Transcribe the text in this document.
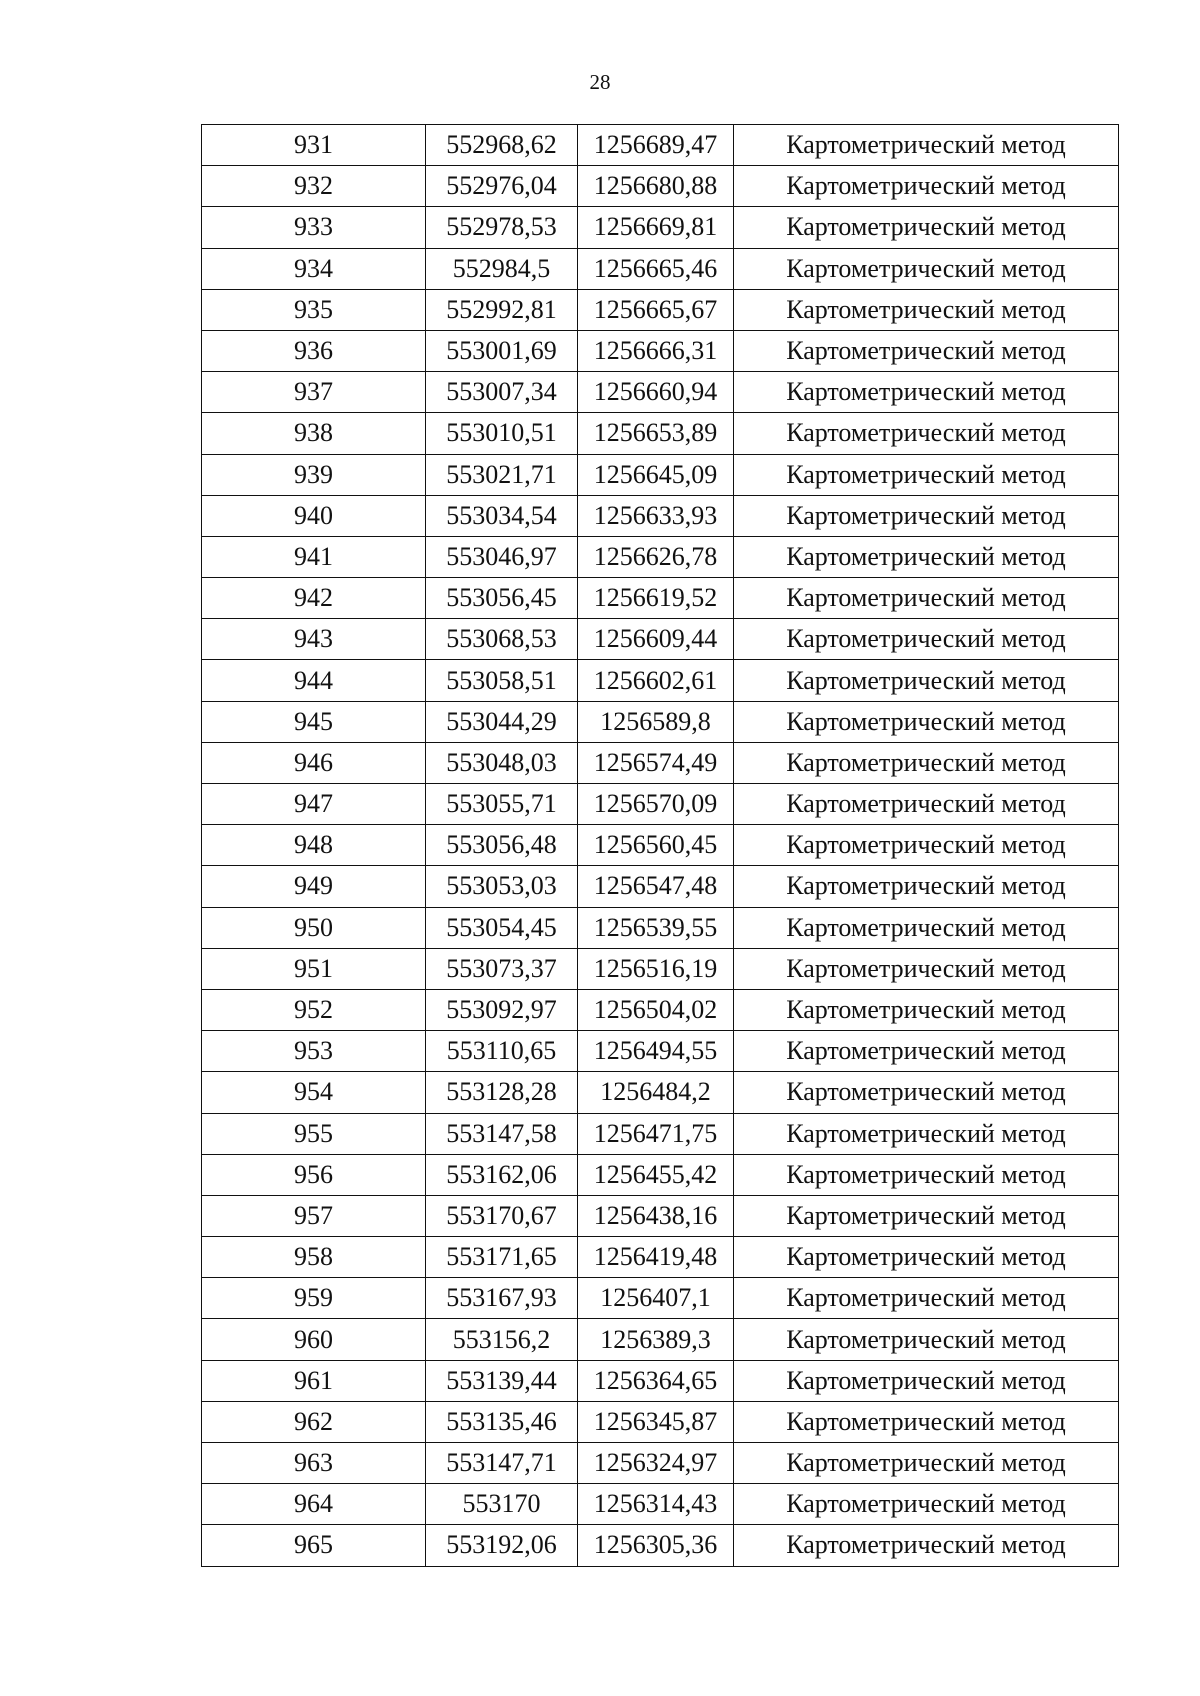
28
931	552968,62	1256689,47	Картометрический метод
932	552976,04	1256680,88	Картометрический метод
933	552978,53	1256669,81	Картометрический метод
934	552984,5	1256665,46	Картометрический метод
935	552992,81	1256665,67	Картометрический метод
936	553001,69	1256666,31	Картометрический метод
937	553007,34	1256660,94	Картометрический метод
938	553010,51	1256653,89	Картометрический метод
939	553021,71	1256645,09	Картометрический метод
940	553034,54	1256633,93	Картометрический метод
941	553046,97	1256626,78	Картометрический метод
942	553056,45	1256619,52	Картометрический метод
943	553068,53	1256609,44	Картометрический метод
944	553058,51	1256602,61	Картометрический метод
945	553044,29	1256589,8	Картометрический метод
946	553048,03	1256574,49	Картометрический метод
947	553055,71	1256570,09	Картометрический метод
948	553056,48	1256560,45	Картометрический метод
949	553053,03	1256547,48	Картометрический метод
950	553054,45	1256539,55	Картометрический метод
951	553073,37	1256516,19	Картометрический метод
952	553092,97	1256504,02	Картометрический метод
953	553110,65	1256494,55	Картометрический метод
954	553128,28	1256484,2	Картометрический метод
955	553147,58	1256471,75	Картометрический метод
956	553162,06	1256455,42	Картометрический метод
957	553170,67	1256438,16	Картометрический метод
958	553171,65	1256419,48	Картометрический метод
959	553167,93	1256407,1	Картометрический метод
960	553156,2	1256389,3	Картометрический метод
961	553139,44	1256364,65	Картометрический метод
962	553135,46	1256345,87	Картометрический метод
963	553147,71	1256324,97	Картометрический метод
964	553170	1256314,43	Картометрический метод
965	553192,06	1256305,36	Картометрический метод
